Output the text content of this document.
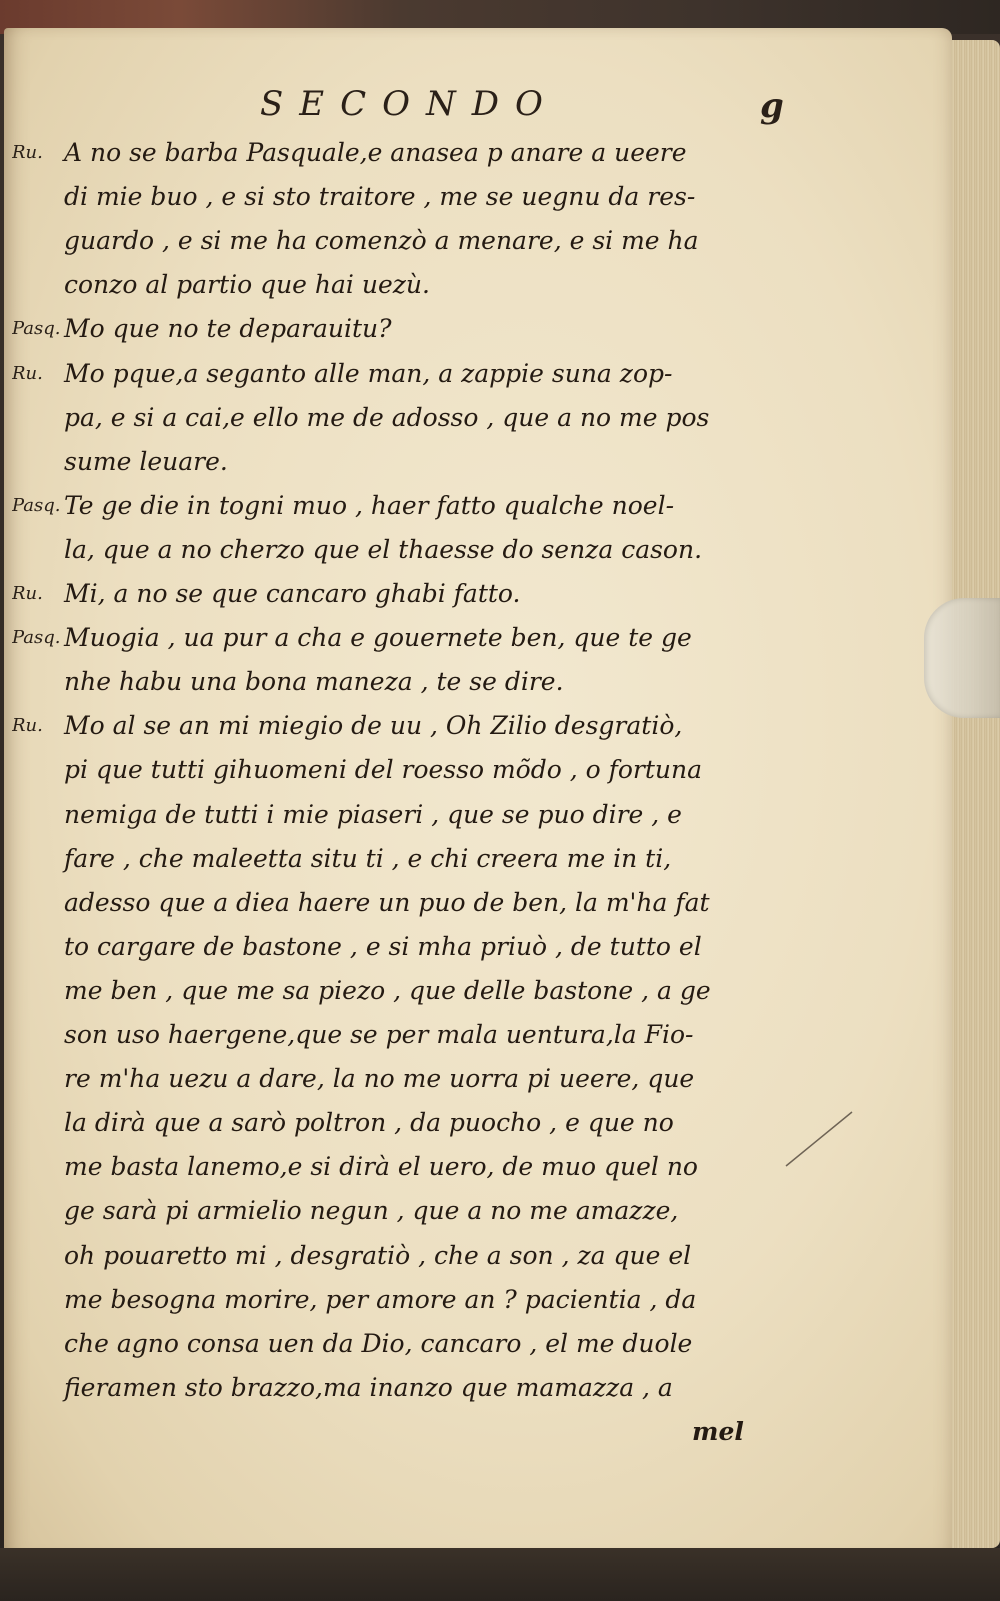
SECONDO	g
Ru. A no se barba Pasquale,e anasea p anare a ueere
di mie buo , e si sto traitore , me se uegnu da res-
guardo , e si me ha comenzò a menare, e si me ha
conzo al partio que hai uezù.
Pasq. Mo que no te deparauitu?
Ru. Mo pque,a seganto alle man, a zappie suna zop-
pa, e si a cai,e ello me de adosso , que a no me pos
sume leuare.
Pasq. Te ge die in togni muo , haer fatto qualche noel-
la, que a no cherzo que el thaesse do senza cason.
Ru. Mi, a no se que cancaro ghabi fatto.
Pasq. Muogia , ua pur a cha e gouernete ben, que te ge
nhe habu una bona maneza , te se dire.
Ru. Mo al se an mi miegio de uu , Oh Zilio desgratiò,
pi que tutti gihuomeni del roesso mõdo , o fortuna
nemiga de tutti i mie piaseri , que se puo dire , e
fare , che maleetta situ ti , e chi creera me in ti,
adesso que a diea haere un puo de ben, la m'ha fat
to cargare de bastone , e si mha priuò , de tutto el
me ben , que me sa piezo , que delle bastone , a ge
son uso haergene,que se per mala uentura,la Fio-
re m'ha uezu a dare, la no me uorra pi ueere, que
la dirà que a sarò poltron , da puocho , e que no
me basta lanemo,e si dirà el uero, de muo quel no
ge sarà pi armielio negun , que a no me amazze,
oh pouaretto mi , desgratiò , che a son , za que el
me besogna morire, per amore an ? pacientia , da
che agno consa uen da Dio, cancaro , el me duole
fieramen sto brazzo,ma inanzo que mamazza , a
mel
